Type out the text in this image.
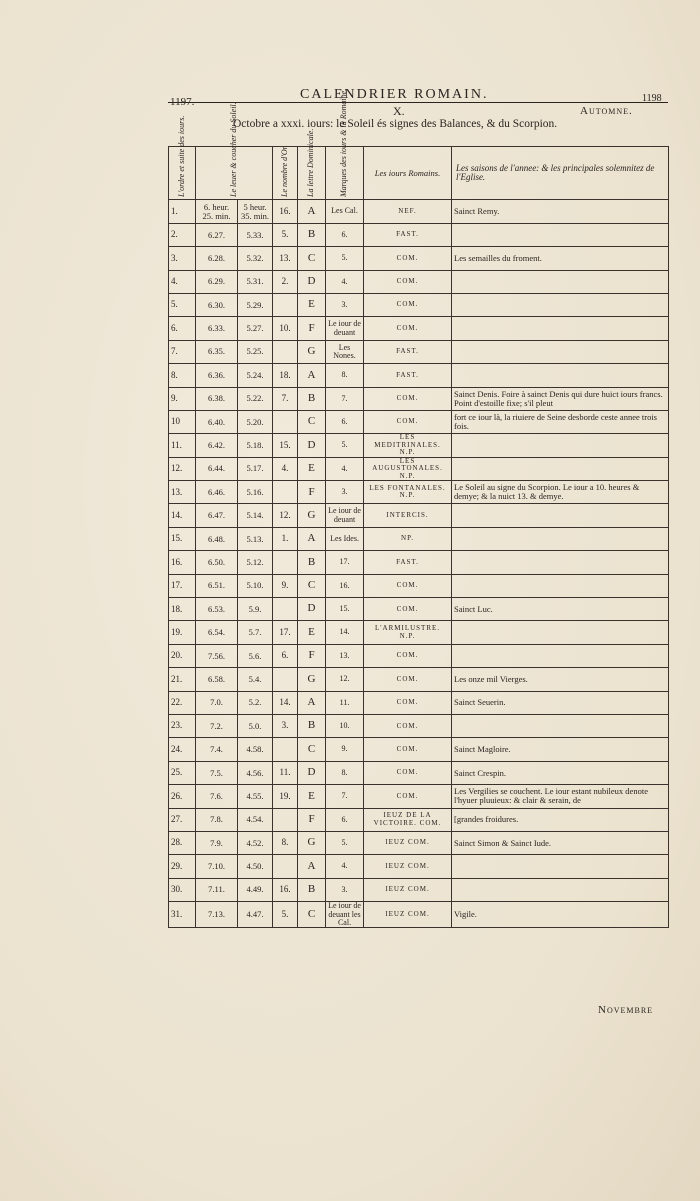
1197.	CALENDRIER ROMAIN.	1198
X.	Automne.
Octobre a xxxi. iours: le Soleil és signes des Balances, & du Scorpion.
L'ordre et suite des iours.	Le leuer & coucher du Soleil.		Le nombre d'Or.	La lettre Dominicale.	Marques des iours & la Romaine.	Les iours Romains.	Les saisons de l'annee: & les principales solemnitez de l'Eglise.
1.	6. heur. 25. min.	5 heur. 35. min.	16.	A	Les Cal.	NEF.	Sainct Remy.
2.	6.27.	5.33.	5.	B	6.	FAST.	
3.	6.28.	5.32.	13.	C	5.	COM.	Les semailles du froment.
4.	6.29.	5.31.	2.	D	4.	COM.	
5.	6.30.	5.29.		E	3.	COM.	
6.	6.33.	5.27.	10.	F	Le iour de deuant	COM.	
7.	6.35.	5.25.		G	Les Nones.	FAST.	
8.	6.36.	5.24.	18.	A	8.	FAST.	
9.	6.38.	5.22.	7.	B	7.	COM.	Sainct Denis. Foire à sainct Denis qui dure huict iours francs. Point d'estoille fixe; s'il pleut
10	6.40.	5.20.		C	6.	COM.	fort ce iour là, la riuiere de Seine desborde ceste annee trois fois.
11.	6.42.	5.18.	15.	D	5.	LES MEDITRINALES. N.P.	
12.	6.44.	5.17.	4.	E	4.	LES AUGUSTONALES. N.P.	
13.	6.46.	5.16.		F	3.	LES FONTANALES. N.P.	Le Soleil au signe du Scorpion. Le iour a 10. heures & demye; & la nuict 13. & demye.
14.	6.47.	5.14.	12.	G	Le iour de deuant	INTERCIS.	
15.	6.48.	5.13.	1.	A	Les Ides.	NP.	
16.	6.50.	5.12.		B	17.	FAST.	
17.	6.51.	5.10.	9.	C	16.	COM.	
18.	6.53.	5.9.		D	15.	COM.	Sainct Luc.
19.	6.54.	5.7.	17.	E	14.	L'ARMILUSTRE. N.P.	
20.	7.56.	5.6.	6.	F	13.	COM.	
21.	6.58.	5.4.		G	12.	COM.	Les onze mil Vierges.
22.	7.0.	5.2.	14.	A	11.	COM.	Sainct Seuerin.
23.	7.2.	5.0.	3.	B	10.	COM.	
24.	7.4.	4.58.		C	9.	COM.	Sainct Magloire.
25.	7.5.	4.56.	11.	D	8.	COM.	Sainct Crespin.
26.	7.6.	4.55.	19.	E	7.	COM.	Les Vergilies se couchent. Le iour estant nubileux denote l'hyuer pluuieux: & clair & serain, de
27.	7.8.	4.54.		F	6.	IEUZ DE LA VICTOIRE. COM.	[grandes froidures.
28.	7.9.	4.52.	8.	G	5.	IEUZ COM.	Sainct Simon & Sainct Iude.
29.	7.10.	4.50.		A	4.	IEUZ COM.	
30.	7.11.	4.49.	16.	B	3.	IEUZ COM.	
31.	7.13.	4.47.	5.	C	Le iour de deuant les Cal.	IEUZ COM.	Vigile.
Novembre
